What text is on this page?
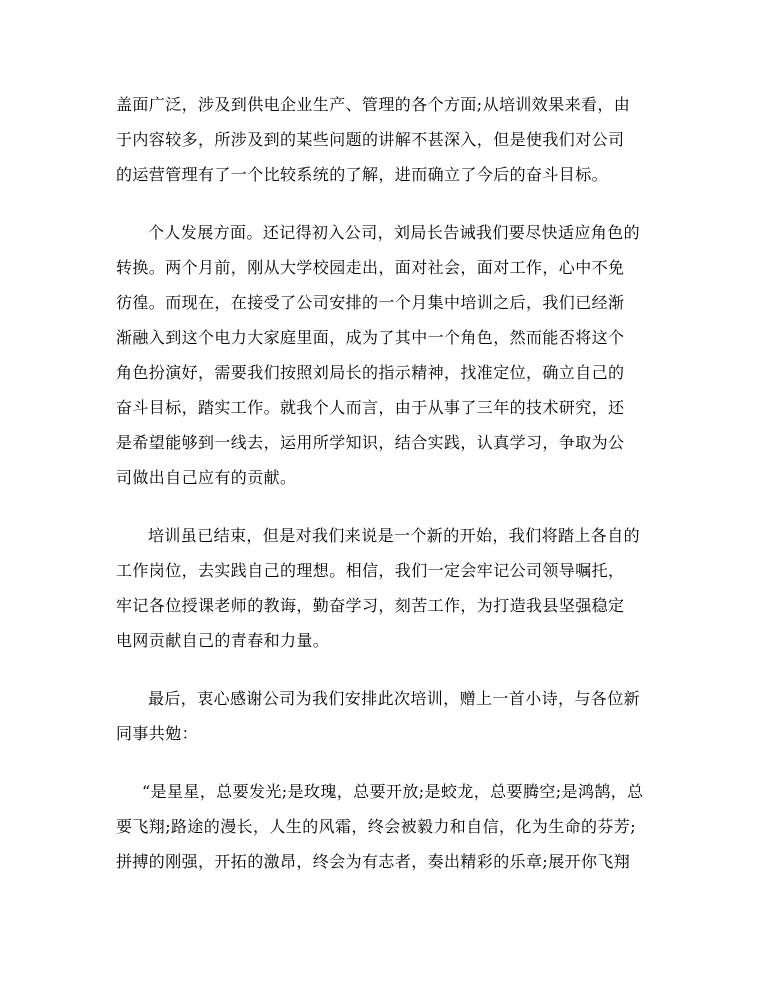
盖面广泛，涉及到供电企业生产、管理的各个方面;从培训效果来看，由
于内容较多，所涉及到的某些问题的讲解不甚深入，但是使我们对公司
的运营管理有了一个比较系统的了解，进而确立了今后的奋斗目标。
个人发展方面。还记得初入公司，刘局长告诫我们要尽快适应角色的
转换。两个月前，刚从大学校园走出，面对社会，面对工作，心中不免
彷徨。而现在，在接受了公司安排的一个月集中培训之后，我们已经渐
渐融入到这个电力大家庭里面，成为了其中一个角色，然而能否将这个
角色扮演好，需要我们按照刘局长的指示精神，找准定位，确立自己的
奋斗目标，踏实工作。就我个人而言，由于从事了三年的技术研究，还
是希望能够到一线去，运用所学知识，结合实践，认真学习，争取为公
司做出自己应有的贡献。
培训虽已结束，但是对我们来说是一个新的开始，我们将踏上各自的
工作岗位，去实践自己的理想。相信，我们一定会牢记公司领导嘱托，
牢记各位授课老师的教诲，勤奋学习，刻苦工作，为打造我县坚强稳定
电网贡献自己的青春和力量。
最后，衷心感谢公司为我们安排此次培训，赠上一首小诗，与各位新
同事共勉：
“是星星，总要发光;是玫瑰，总要开放;是蛟龙，总要腾空;是鸿鹄，总
要飞翔;路途的漫长，人生的风霜，终会被毅力和自信，化为生命的芬芳;
拼搏的刚强，开拓的激昂，终会为有志者，奏出精彩的乐章;展开你飞翔
